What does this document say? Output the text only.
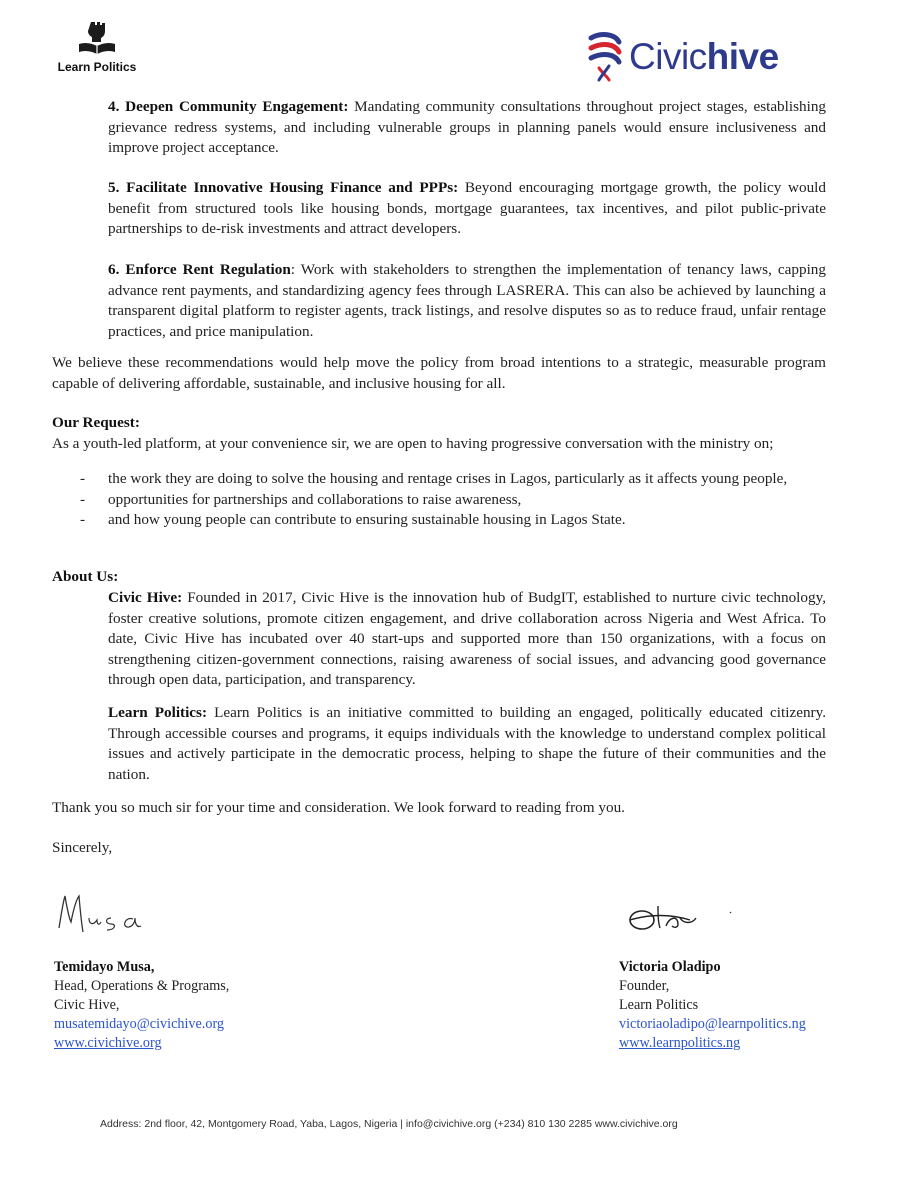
Learn Politics	Civichive
4. Deepen Community Engagement: Mandating community consultations throughout project stages, establishing grievance redress systems, and including vulnerable groups in planning panels would ensure inclusiveness and improve project acceptance.
5. Facilitate Innovative Housing Finance and PPPs: Beyond encouraging mortgage growth, the policy would benefit from structured tools like housing bonds, mortgage guarantees, tax incentives, and pilot public-private partnerships to de-risk investments and attract developers.
6. Enforce Rent Regulation: Work with stakeholders to strengthen the implementation of tenancy laws, capping advance rent payments, and standardizing agency fees through LASRERA. This can also be achieved by launching a transparent digital platform to register agents, track listings, and resolve disputes so as to reduce fraud, unfair rentage practices, and price manipulation.
We believe these recommendations would help move the policy from broad intentions to a strategic, measurable program capable of delivering affordable, sustainable, and inclusive housing for all.
Our Request:
As a youth-led platform, at your convenience sir, we are open to having progressive conversation with the ministry on;
- the work they are doing to solve the housing and rentage crises in Lagos, particularly as it affects young people,
- opportunities for partnerships and collaborations to raise awareness,
- and how young people can contribute to ensuring sustainable housing in Lagos State.
About Us:
Civic Hive: Founded in 2017, Civic Hive is the innovation hub of BudgIT, established to nurture civic technology, foster creative solutions, promote citizen engagement, and drive collaboration across Nigeria and West Africa. To date, Civic Hive has incubated over 40 start-ups and supported more than 150 organizations, with a focus on strengthening citizen-government connections, raising awareness of social issues, and advancing good governance through open data, participation, and transparency.
Learn Politics: Learn Politics is an initiative committed to building an engaged, politically educated citizenry. Through accessible courses and programs, it equips individuals with the knowledge to understand complex political issues and actively participate in the democratic process, helping to shape the future of their communities and the nation.
Thank you so much sir for your time and consideration. We look forward to reading from you.
Sincerely,
Temidayo Musa,
Head, Operations & Programs,
Civic Hive,
musatemidayo@civichive.org
www.civichive.org
Victoria Oladipo
Founder,
Learn Politics
victoriaoladipo@learnpolitics.ng
www.learnpolitics.ng
Address: 2nd floor, 42, Montgomery Road, Yaba, Lagos, Nigeria | info@civichive.org (+234) 810 130 2285 www.civichive.org
